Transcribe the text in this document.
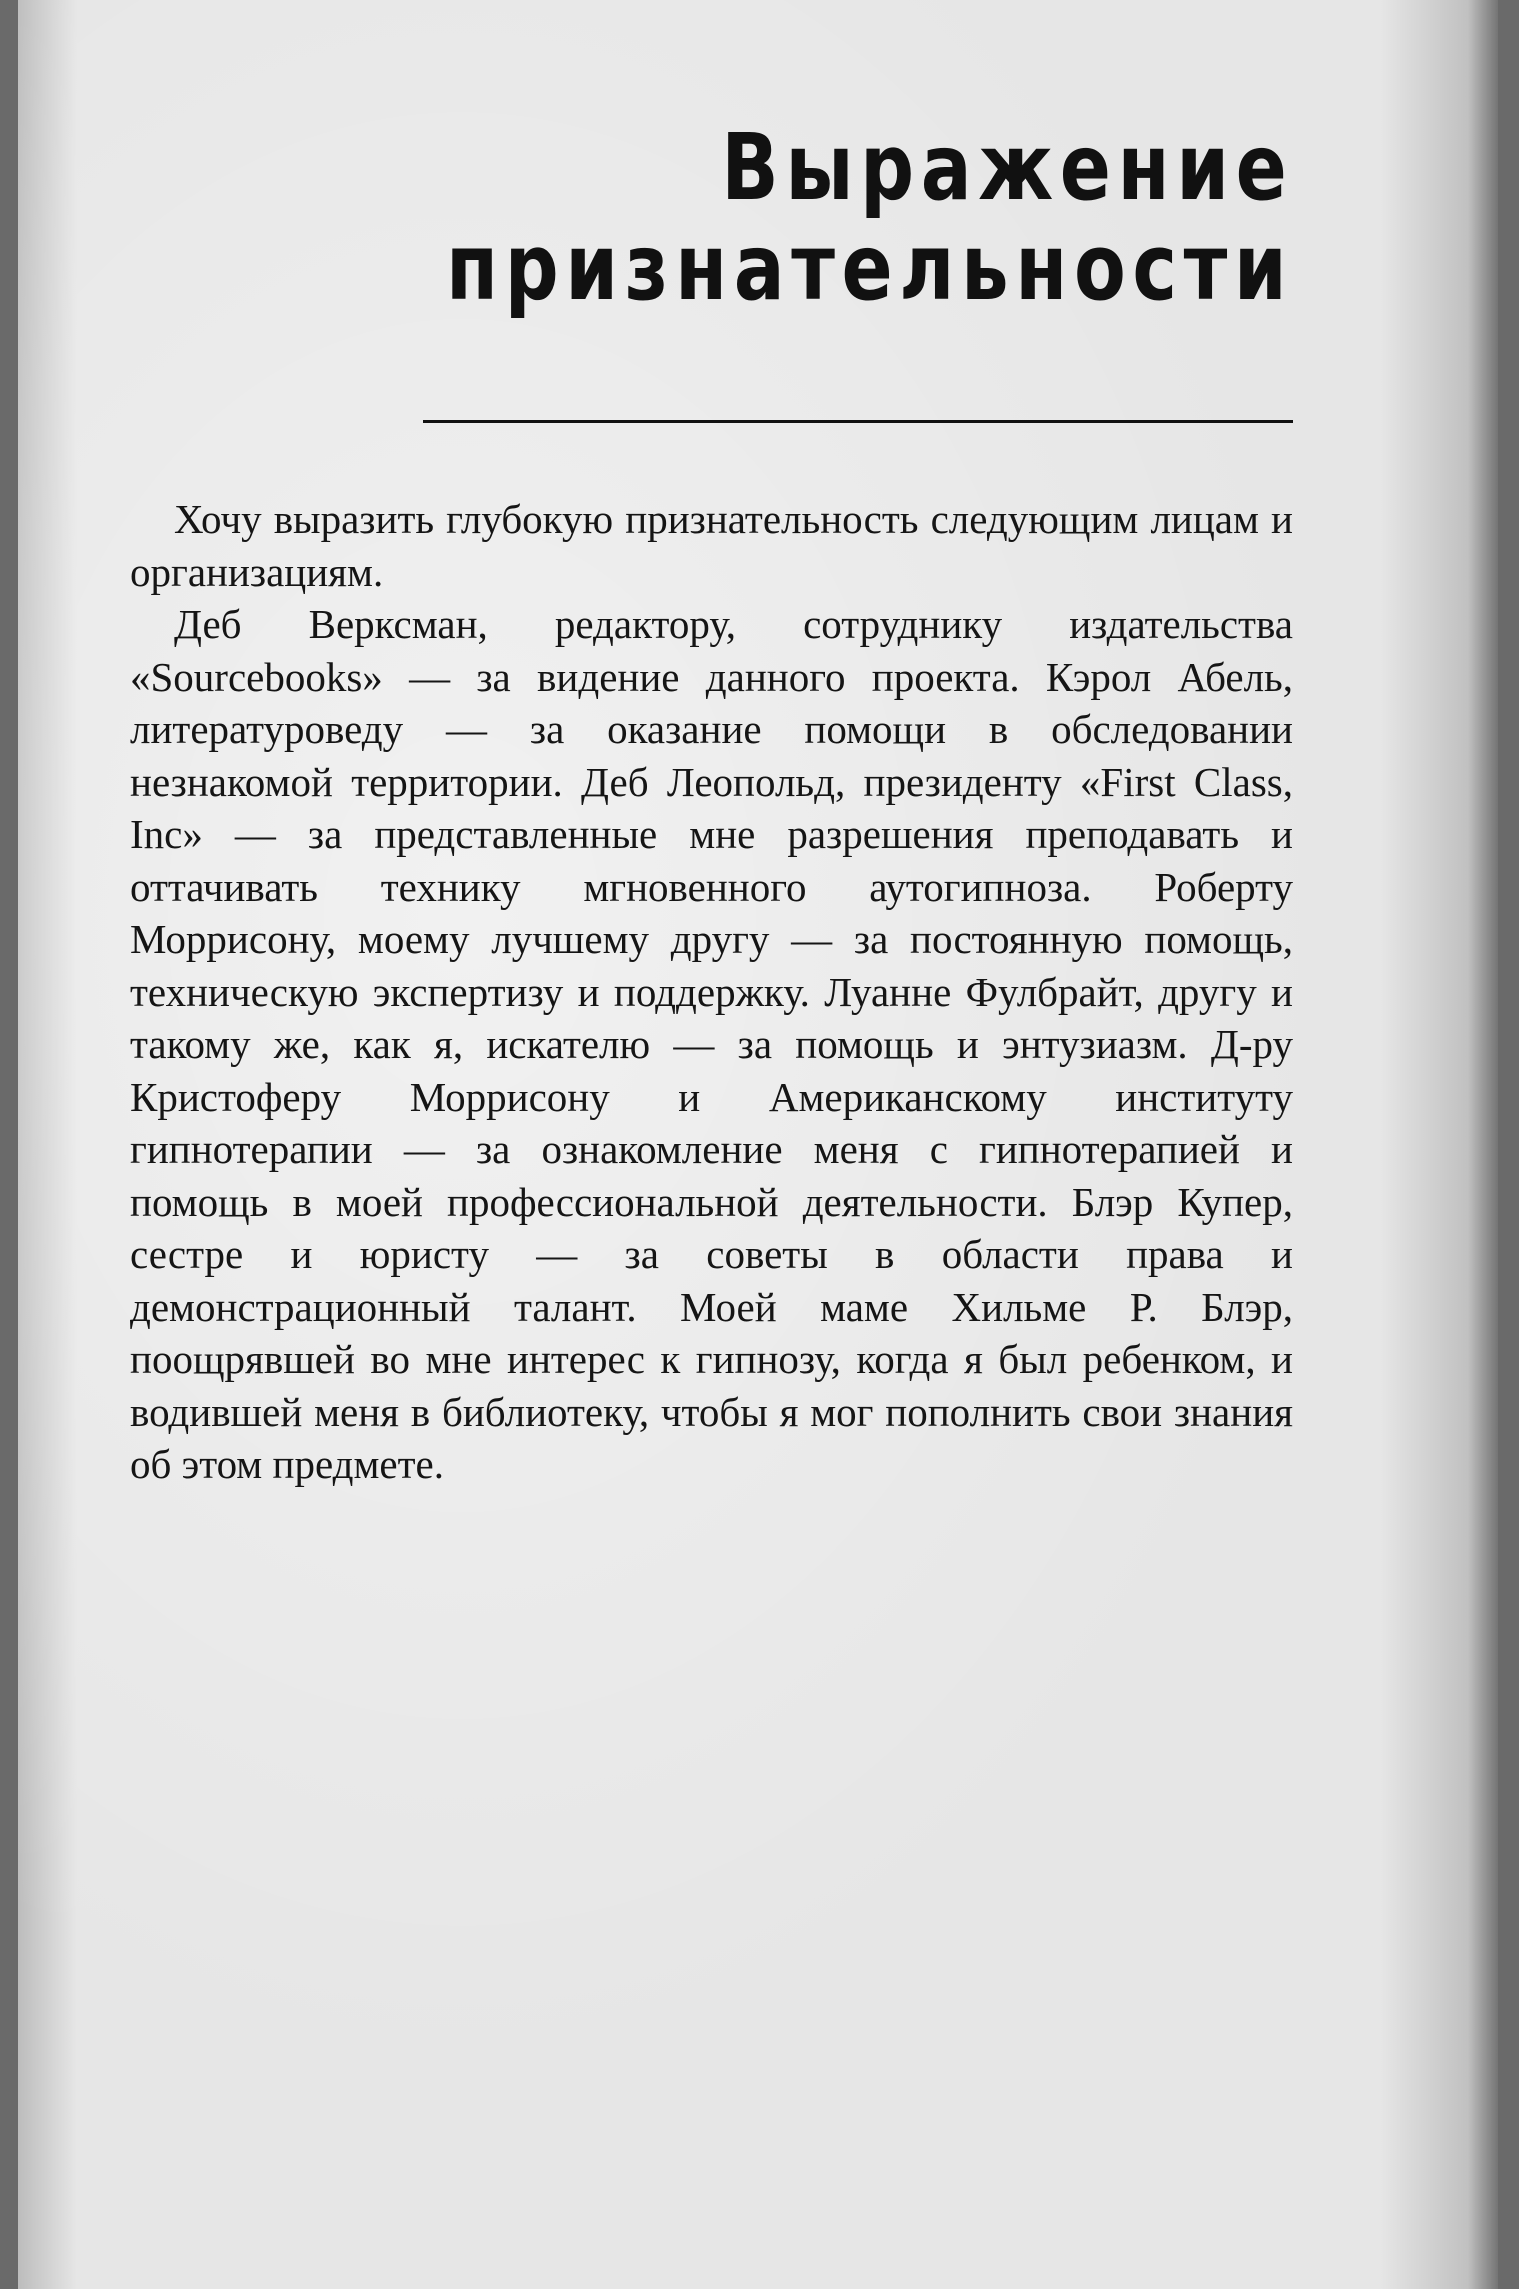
Выражение
признательности

Хочу выразить глубокую признательность следующим лицам и организациям.

Деб Верксман, редактору, сотруднику издательства «Sourcebooks» — за видение данного проекта. Кэрол Абель, литературоведу — за оказание помощи в обследовании незнакомой территории. Деб Леопольд, президенту «First Class, Inc» — за представленные мне разрешения преподавать и оттачивать технику мгновенного аутогипноза. Роберту Моррисону, моему лучшему другу — за постоянную помощь, техническую экспертизу и поддержку. Луанне Фулбрайт, другу и такому же, как я, искателю — за помощь и энтузиазм. Д-ру Кристоферу Моррисону и Американскому институту гипнотерапии — за ознакомление меня с гипнотерапией и помощь в моей профессиональной деятельности. Блэр Купер, сестре и юристу — за советы в области права и демонстрационный талант. Моей маме Хильме Р. Блэр, поощрявшей во мне интерес к гипнозу, когда я был ребенком, и водившей меня в библиотеку, чтобы я мог пополнить свои знания об этом предмете.
